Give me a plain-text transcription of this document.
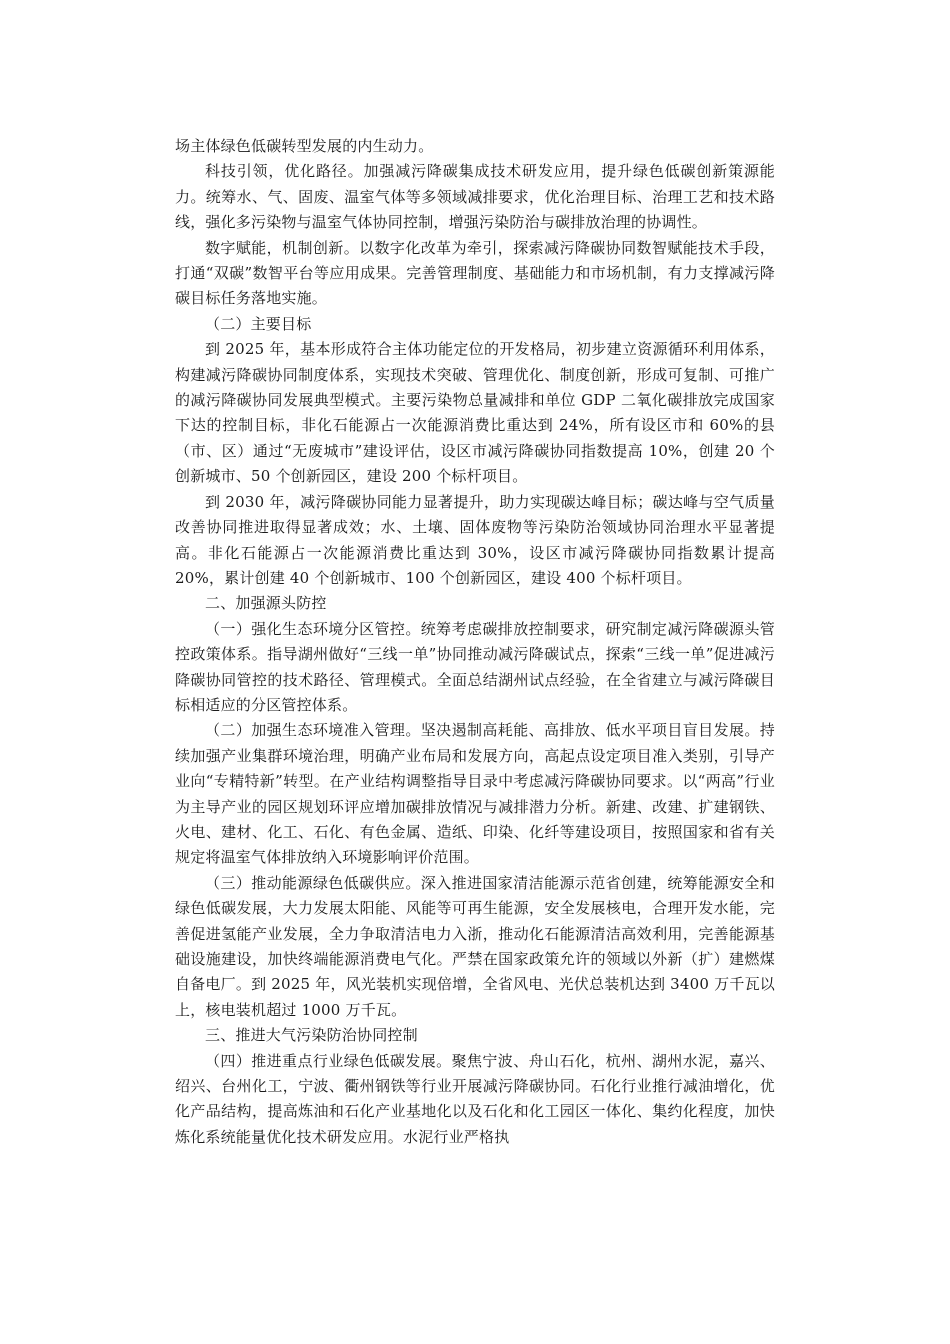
场主体绿色低碳转型发展的内生动力。

科技引领，优化路径。加强减污降碳集成技术研发应用，提升绿色低碳创新策源能力。统筹水、气、固废、温室气体等多领域减排要求，优化治理目标、治理工艺和技术路线，强化多污染物与温室气体协同控制，增强污染防治与碳排放治理的协调性。

数字赋能，机制创新。以数字化改革为牵引，探索减污降碳协同数智赋能技术手段，打通“双碳”数智平台等应用成果。完善管理制度、基础能力和市场机制，有力支撑减污降碳目标任务落地实施。

（二）主要目标

到 2025 年，基本形成符合主体功能定位的开发格局，初步建立资源循环利用体系，构建减污降碳协同制度体系，实现技术突破、管理优化、制度创新，形成可复制、可推广的减污降碳协同发展典型模式。主要污染物总量减排和单位 GDP 二氧化碳排放完成国家下达的控制目标，非化石能源占一次能源消费比重达到 24%，所有设区市和 60%的县（市、区）通过“无废城市”建设评估，设区市减污降碳协同指数提高 10%，创建 20 个创新城市、50 个创新园区，建设 200 个标杆项目。

到 2030 年，减污降碳协同能力显著提升，助力实现碳达峰目标；碳达峰与空气质量改善协同推进取得显著成效；水、土壤、固体废物等污染防治领域协同治理水平显著提高。非化石能源占一次能源消费比重达到 30%，设区市减污降碳协同指数累计提高 20%，累计创建 40 个创新城市、100 个创新园区，建设 400 个标杆项目。

二、加强源头防控

（一）强化生态环境分区管控。统筹考虑碳排放控制要求，研究制定减污降碳源头管控政策体系。指导湖州做好“三线一单”协同推动减污降碳试点，探索“三线一单”促进减污降碳协同管控的技术路径、管理模式。全面总结湖州试点经验，在全省建立与减污降碳目标相适应的分区管控体系。

（二）加强生态环境准入管理。坚决遏制高耗能、高排放、低水平项目盲目发展。持续加强产业集群环境治理，明确产业布局和发展方向，高起点设定项目准入类别，引导产业向“专精特新”转型。在产业结构调整指导目录中考虑减污降碳协同要求。以“两高”行业为主导产业的园区规划环评应增加碳排放情况与减排潜力分析。新建、改建、扩建钢铁、火电、建材、化工、石化、有色金属、造纸、印染、化纤等建设项目，按照国家和省有关规定将温室气体排放纳入环境影响评价范围。

（三）推动能源绿色低碳供应。深入推进国家清洁能源示范省创建，统筹能源安全和绿色低碳发展，大力发展太阳能、风能等可再生能源，安全发展核电，合理开发水能，完善促进氢能产业发展，全力争取清洁电力入浙，推动化石能源清洁高效利用，完善能源基础设施建设，加快终端能源消费电气化。严禁在国家政策允许的领域以外新（扩）建燃煤自备电厂。到 2025 年，风光装机实现倍增，全省风电、光伏总装机达到 3400 万千瓦以上，核电装机超过 1000 万千瓦。

三、推进大气污染防治协同控制

（四）推进重点行业绿色低碳发展。聚焦宁波、舟山石化，杭州、湖州水泥，嘉兴、绍兴、台州化工，宁波、衢州钢铁等行业开展减污降碳协同。石化行业推行减油增化，优化产品结构，提高炼油和石化产业基地化以及石化和化工园区一体化、集约化程度，加快炼化系统能量优化技术研发应用。水泥行业严格执
